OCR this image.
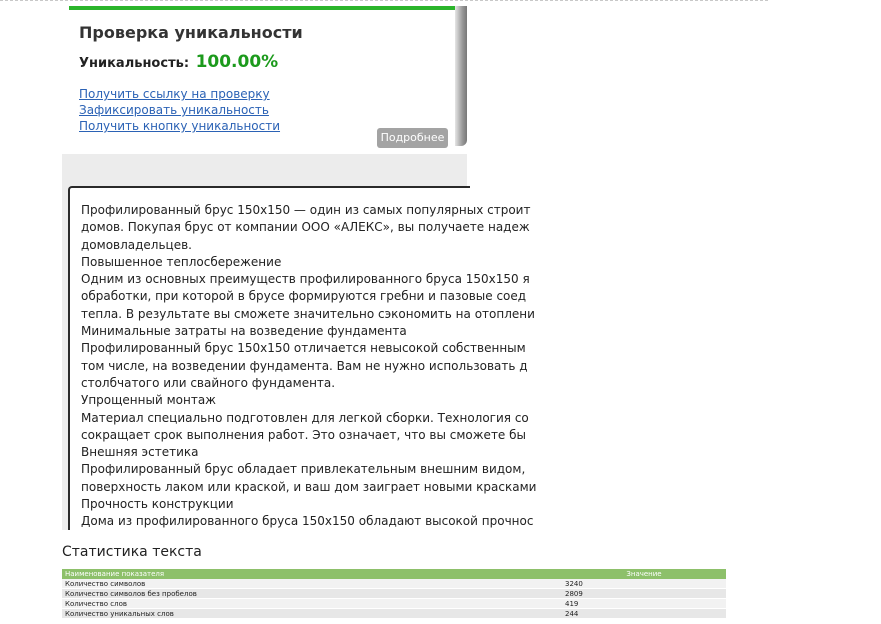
Проверка уникальности
Уникальность: 100.00%
Получить ссылку на проверку
Зафиксировать уникальность
Получить кнопку уникальности
Подробнее
Профилированный брус 150х150 — один из самых популярных строит
домов. Покупая брус от компании ООО «АЛЕКС», вы получаете надеж
домовладельцев.
Повышенное теплосбережение
Одним из основных преимуществ профилированного бруса 150х150 я
обработки, при которой в брусе формируются гребни и пазовые соед
тепла. В результате вы сможете значительно сэкономить на отоплени
Минимальные затраты на возведение фундамента
Профилированный брус 150х150 отличается невысокой собственным
том числе, на возведении фундамента. Вам не нужно использовать д
столбчатого или свайного фундамента.
Упрощенный монтаж
Материал специально подготовлен для легкой сборки. Технология со
сокращает срок выполнения работ. Это означает, что вы сможете бы
Внешняя эстетика
Профилированный брус обладает привлекательным внешним видом,
поверхность лаком или краской, и ваш дом заиграет новыми красками
Прочность конструкции
Дома из профилированного бруса 150х150 обладают высокой прочнос
Статистика текста
Наименование показателя	Значение
Количество символов	3240
Количество символов без пробелов	2809
Количество слов	419
Количество уникальных слов	244
